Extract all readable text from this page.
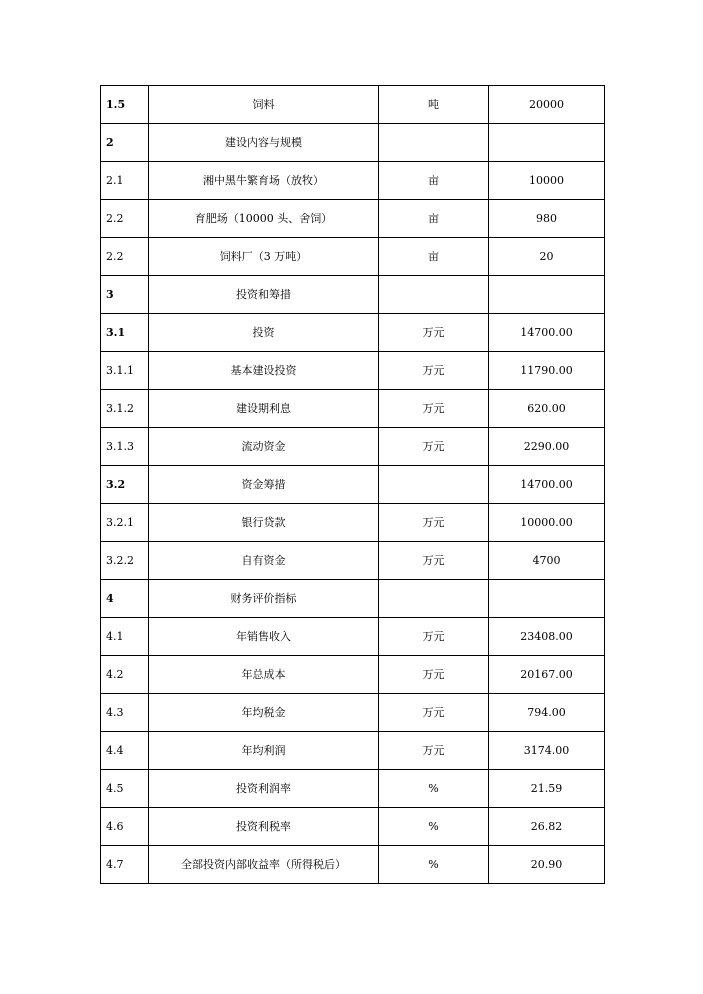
1.5	饲料	吨	20000
2	建设内容与规模		
2.1	湘中黑牛繁育场（放牧）	亩	10000
2.2	育肥场（10000 头、舍饲）	亩	980
2.2	饲料厂（3 万吨）	亩	20
3	投资和筹措		
3.1	投资	万元	14700.00
3.1.1	基本建设投资	万元	11790.00
3.1.2	建设期利息	万元	620.00
3.1.3	流动资金	万元	2290.00
3.2	资金筹措		14700.00
3.2.1	银行贷款	万元	10000.00
3.2.2	自有资金	万元	4700
4	财务评价指标		
4.1	年销售收入	万元	23408.00
4.2	年总成本	万元	20167.00
4.3	年均税金	万元	794.00
4.4	年均利润	万元	3174.00
4.5	投资利润率	%	21.59
4.6	投资利税率	%	26.82
4.7	全部投资内部收益率（所得税后）	%	20.90
